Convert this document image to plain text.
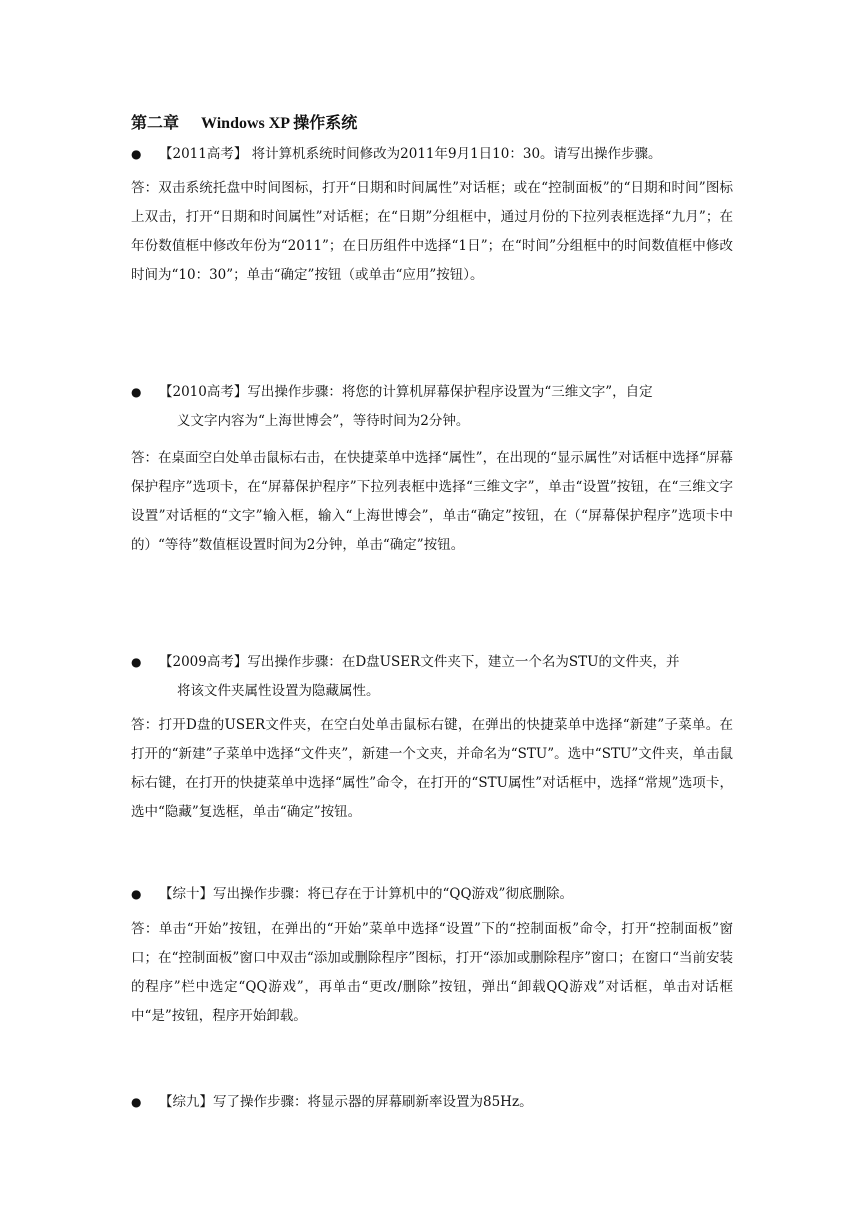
第二章 Windows XP 操作系统
● 【2011高考】 将计算机系统时间修改为2011年9月1日10：30。请写出操作步骤。
答：双击系统托盘中时间图标，打开“日期和时间属性”对话框；或在“控制面板”的“日期和时间”图标上双击，打开“日期和时间属性”对话框；在“日期”分组框中，通过月份的下拉列表框选择“九月”；在年份数值框中修改年份为“2011”；在日历组件中选择“1日”；在“时间”分组框中的时间数值框中修改时间为“10：30”；单击“确定”按钮（或单击“应用”按钮）。
● 【2010高考】写出操作步骤：将您的计算机屏幕保护程序设置为“三维文字”，自定
义文字内容为“上海世博会”，等待时间为2分钟。
答：在桌面空白处单击鼠标右击，在快捷菜单中选择“属性”，在出现的“显示属性”对话框中选择“屏幕保护程序”选项卡，在“屏幕保护程序”下拉列表框中选择“三维文字”，单击“设置”按钮，在“三维文字设置”对话框的“文字”输入框，输入“上海世博会”，单击“确定”按钮，在（“屏幕保护程序”选项卡中的）“等待”数值框设置时间为2分钟，单击“确定”按钮。
● 【2009高考】写出操作步骤：在D盘USER文件夹下，建立一个名为STU的文件夹，并
将该文件夹属性设置为隐藏属性。
答：打开D盘的USER文件夹，在空白处单击鼠标右键，在弹出的快捷菜单中选择“新建”子菜单。在打开的“新建”子菜单中选择“文件夹”，新建一个文夹，并命名为“STU”。选中“STU”文件夹，单击鼠标右键，在打开的快捷菜单中选择“属性”命令，在打开的“STU属性”对话框中，选择“常规”选项卡，选中“隐藏”复选框，单击“确定”按钮。
● 【综十】写出操作步骤：将已存在于计算机中的“QQ游戏”彻底删除。
答：单击“开始”按钮，在弹出的“开始”菜单中选择“设置”下的“控制面板”命令，打开“控制面板”窗口；在“控制面板”窗口中双击“添加或删除程序”图标，打开“添加或删除程序”窗口；在窗口“当前安装的程序”栏中选定“QQ游戏”，再单击“更改/删除”按钮，弹出“卸载QQ游戏”对话框，单击对话框中“是”按钮，程序开始卸载。
● 【综九】写了操作步骤：将显示器的屏幕刷新率设置为85Hz。
